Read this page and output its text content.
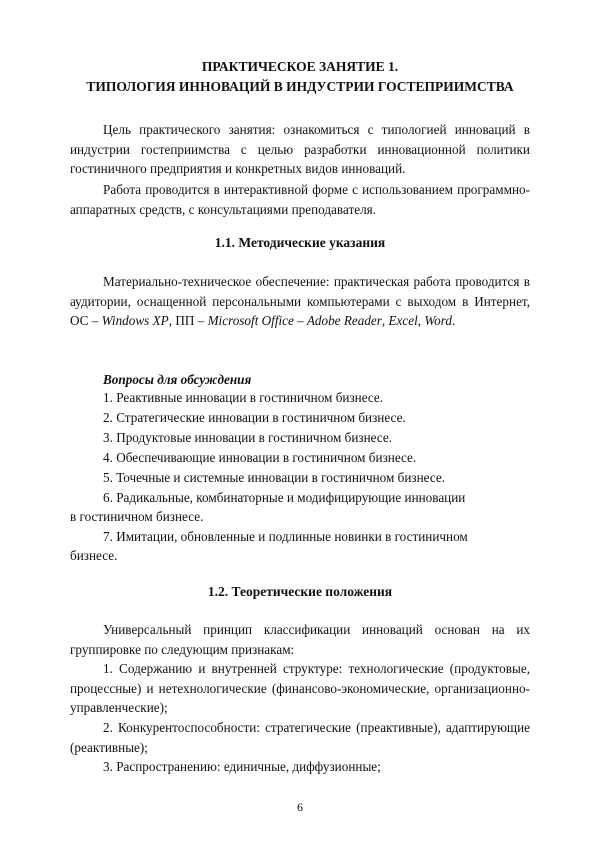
ПРАКТИЧЕСКОЕ ЗАНЯТИЕ 1.
ТИПОЛОГИЯ ИННОВАЦИЙ В ИНДУСТРИИ ГОСТЕПРИИМСТВА
Цель практического занятия: ознакомиться с типологией инноваций в индустрии гостеприимства с целью разработки инновационной политики гостиничного предприятия и конкретных видов инноваций.
Работа проводится в интерактивной форме с использованием программно-аппаратных средств, с консультациями преподавателя.
1.1. Методические указания
Материально-техническое обеспечение: практическая работа проводится в аудитории, оснащенной персональными компьютерами с выходом в Интернет, ОС – Windows XP, ПП – Microsoft Office – Adobe Reader, Excel, Word.
Вопросы для обсуждения
1. Реактивные инновации в гостиничном бизнесе.
2. Стратегические инновации в гостиничном бизнесе.
3. Продуктовые инновации в гостиничном бизнесе.
4. Обеспечивающие инновации в гостиничном бизнесе.
5. Точечные и системные инновации в гостиничном бизнесе.
6. Радикальные, комбинаторные и модифицирующие инновации
в гостиничном бизнесе.
7. Имитации, обновленные и подлинные новинки в гостиничном
бизнесе.
1.2. Теоретические положения
Универсальный принцип классификации инноваций основан на их группировке по следующим признакам:
1. Содержанию и внутренней структуре: технологические (продуктовые, процессные) и нетехнологические (финансово-экономические, организационно-управленческие);
2. Конкурентоспособности: стратегические (преактивные), адаптирующие (реактивные);
3. Распространению: единичные, диффузионные;
6
